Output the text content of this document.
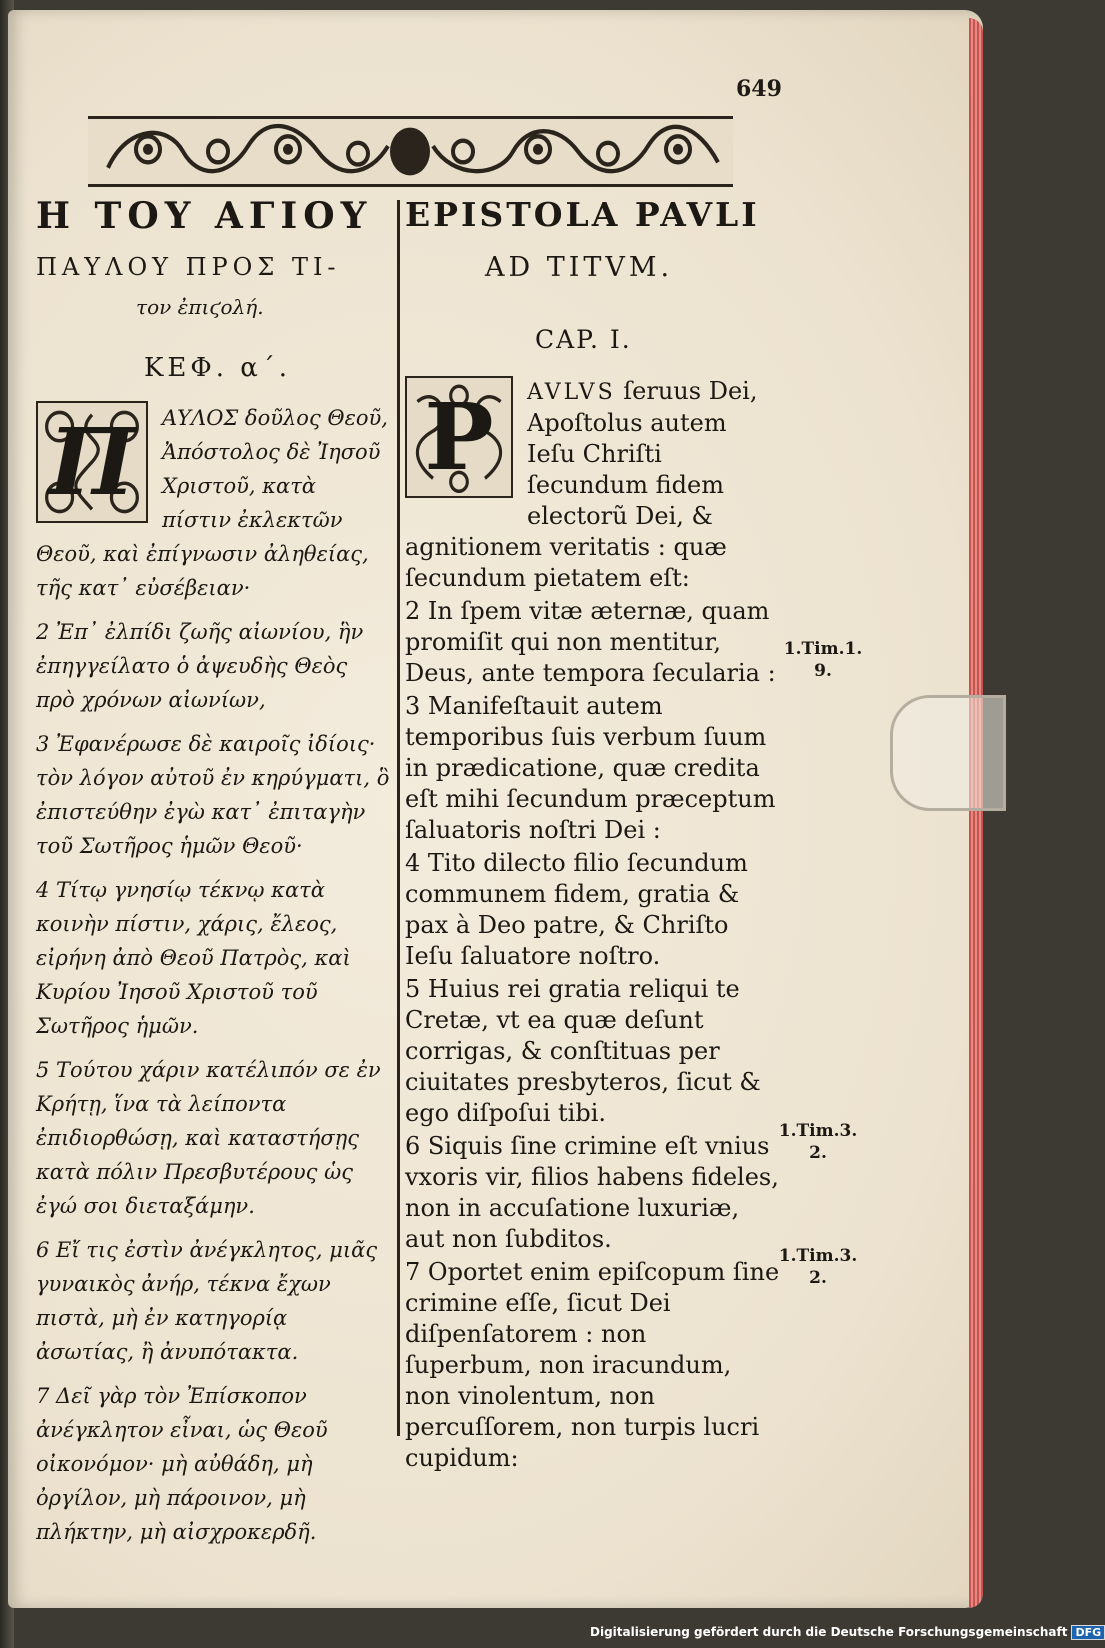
649
Η ΤΟΥ ΑΓΙΟΥ
ΠΑΥΛΟΥ ΠΡΟΣ ΤΙ-
τον ἐπιϛολή.
ΚΕΦ. α΄.
Π	ΑΥΛΟΣ δοῦλος Θεοῦ, Ἀπόστολος δὲ Ἰησοῦ Χριστοῦ, κατὰ πίστιν ἐκλεκτῶν Θεοῦ, καὶ ἐπίγνωσιν ἀληθείας, τῆς κατ᾽ εὐσέβειαν·

2 Ἐπ᾽ ἐλπίδι ζωῆς αἰωνίου, ἣν ἐπηγγείλατο ὁ ἀψευδὴς Θεὸς πρὸ χρόνων αἰωνίων,

3 Ἐφανέρωσε δὲ καιροῖς ἰδίοις· τὸν λόγον αὐτοῦ ἐν κηρύγματι, ὃ ἐπιστεύθην ἐγὼ κατ᾽ ἐπιταγὴν τοῦ Σωτῆρος ἡμῶν Θεοῦ·

4 Τίτῳ γνησίῳ τέκνῳ κατὰ κοινὴν πίστιν, χάρις, ἔλεος, εἰρήνη ἀπὸ Θεοῦ Πατρὸς, καὶ Κυρίου Ἰησοῦ Χριστοῦ τοῦ Σωτῆρος ἡμῶν.

5 Τούτου χάριν κατέλιπόν σε ἐν Κρήτῃ, ἵνα τὰ λείποντα ἐπιδιορθώσῃ, καὶ καταστήσῃς κατὰ πόλιν Πρεσβυτέρους ὡς ἐγώ σοι διεταξάμην.

6 Εἴ τις ἐστὶν ἀνέγκλητος, μιᾶς γυναικὸς ἀνήρ, τέκνα ἔχων πιστὰ, μὴ ἐν κατηγορίᾳ ἀσωτίας, ἢ ἀνυπότακτα.

7 Δεῖ γὰρ τὸν Ἐπίσκοπον ἀνέγκλητον εἶναι, ὡς Θεοῦ οἰκονόμον· μὴ αὐθάδη, μὴ ὀργίλον, μὴ πάροινον, μὴ πλήκτην, μὴ αἰσχροκερδῆ.

EPISTOLA PAVLI
AD TITVM.
CAP. I.
P	AVLVS ſeruus Dei, Apoſtolus autem Ieſu Chriſti ſecundum fidem electorũ Dei, & agnitionem veritatis : quæ ſecundum pietatem eſt:

2 In ſpem vitæ æternæ, quam promiſit qui non mentitur, Deus, ante tempora ſecularia :

3 Manifeſtauit autem temporibus ſuis verbum ſuum in prædicatione, quæ credita eſt mihi ſecundum præceptum ſaluatoris noſtri Dei :

4 Tito dilecto filio ſecundum communem fidem, gratia & pax à Deo patre, & Chriſto Ieſu ſaluatore noſtro.

5 Huius rei gratia reliqui te Cretæ, vt ea quæ deſunt corrigas, & conſtituas per ciuitates presbyteros, ſicut & ego diſpoſui tibi.

6 Siquis ſine crimine eſt vnius vxoris vir, filios habens fideles, non in accuſatione luxuriæ, aut non ſubditos.

7 Oportet enim epiſcopum ſine crimine eſſe, ſicut Dei diſpenſatorem : non ſuperbum, non iracundum, non vinolentum, non percuſſorem, non turpis lucri cupidum:

1.Tim.1. 9.
1.Tim.3. 2.
1.Tim.3. 2.
Digitalisierung gefördert durch die Deutsche Forschungsgemeinschaft DFG
